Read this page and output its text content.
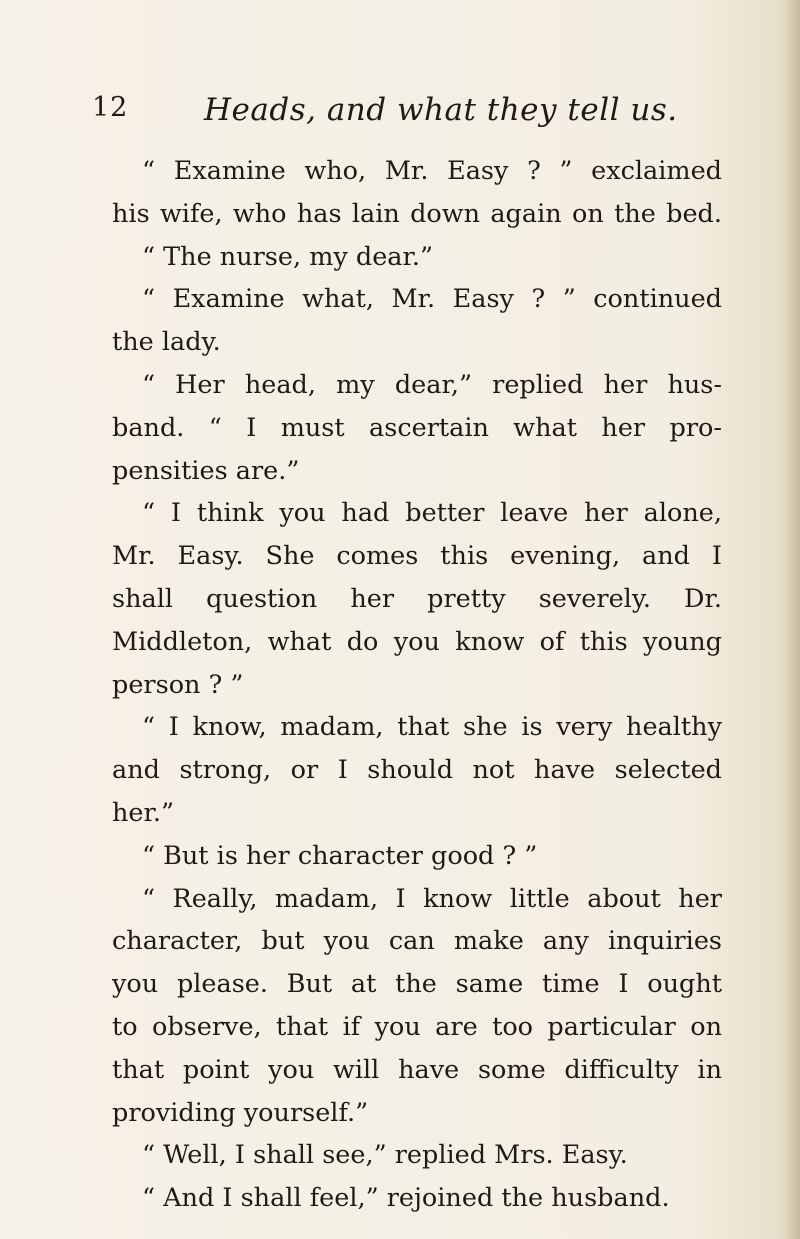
12 Heads, and what they tell us.
“ Examine who, Mr. Easy ? ” exclaimed
his wife, who has lain down again on the bed.
“ The nurse, my dear.”
“ Examine what, Mr. Easy ? ” continued
the lady.
“ Her head, my dear,” replied her hus-
band. “ I must ascertain what her pro-
pensities are.”
“ I think you had better leave her alone,
Mr. Easy. She comes this evening, and I
shall question her pretty severely. Dr.
Middleton, what do you know of this young
person ? ”
“ I know, madam, that she is very healthy
and strong, or I should not have selected
her.”
“ But is her character good ? ”
“ Really, madam, I know little about her
character, but you can make any inquiries
you please. But at the same time I ought
to observe, that if you are too particular on
that point you will have some difficulty in
providing yourself.”
“ Well, I shall see,” replied Mrs. Easy.
“ And I shall feel,” rejoined the husband.
